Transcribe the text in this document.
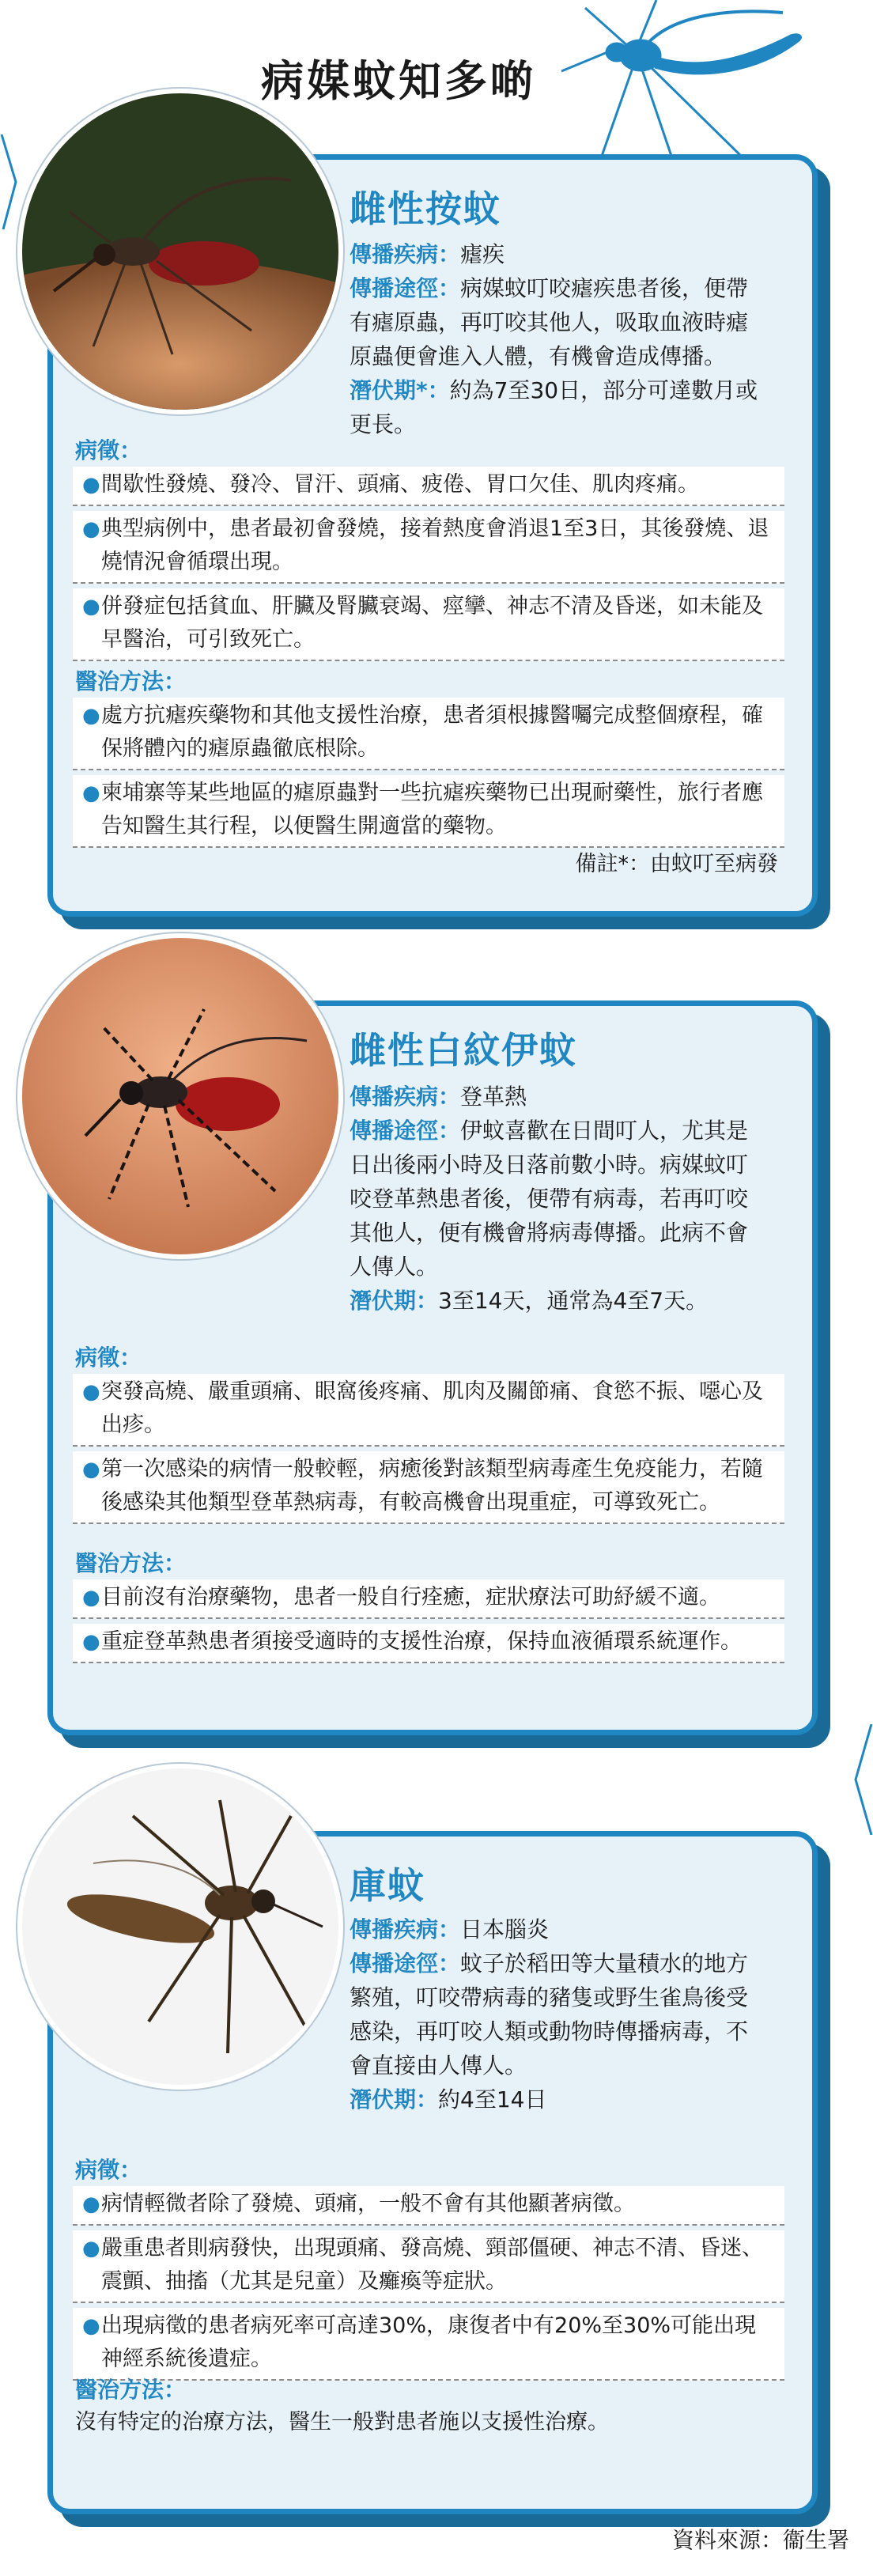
病媒蚊知多啲
雌性按蚊
傳播疾病：瘧疾
傳播途徑：病媒蚊叮咬瘧疾患者後，便帶有瘧原蟲，再叮咬其他人，吸取血液時瘧原蟲便會進入人體，有機會造成傳播。
潛伏期*：約為7至30日，部分可達數月或更長。
病徵：
● 間歇性發燒、發冷、冒汗、頭痛、疲倦、胃口欠佳、肌肉疼痛。
● 典型病例中，患者最初會發燒，接着熱度會消退1至3日，其後發燒、退燒情況會循環出現。
● 併發症包括貧血、肝臟及腎臟衰竭、痙攣、神志不清及昏迷，如未能及早醫治，可引致死亡。
醫治方法：
● 處方抗瘧疾藥物和其他支援性治療，患者須根據醫囑完成整個療程，確保將體內的瘧原蟲徹底根除。
● 柬埔寨等某些地區的瘧原蟲對一些抗瘧疾藥物已出現耐藥性，旅行者應告知醫生其行程，以便醫生開適當的藥物。
備註*：由蚊叮至病發
雌性白紋伊蚊
傳播疾病：登革熱
傳播途徑：伊蚊喜歡在日間叮人，尤其是日出後兩小時及日落前數小時。病媒蚊叮咬登革熱患者後，便帶有病毒，若再叮咬其他人，便有機會將病毒傳播。此病不會人傳人。
潛伏期：3至14天，通常為4至7天。
病徵：
● 突發高燒、嚴重頭痛、眼窩後疼痛、肌肉及關節痛、食慾不振、噁心及出疹。
● 第一次感染的病情一般較輕，病癒後對該類型病毒產生免疫能力，若隨後感染其他類型登革熱病毒，有較高機會出現重症，可導致死亡。
醫治方法：
● 目前沒有治療藥物，患者一般自行痊癒，症狀療法可助紓緩不適。
● 重症登革熱患者須接受適時的支援性治療，保持血液循環系統運作。
庫蚊
傳播疾病：日本腦炎
傳播途徑：蚊子於稻田等大量積水的地方繁殖，叮咬帶病毒的豬隻或野生雀鳥後受感染，再叮咬人類或動物時傳播病毒，不會直接由人傳人。
潛伏期：約4至14日
病徵：
● 病情輕微者除了發燒、頭痛，一般不會有其他顯著病徵。
● 嚴重患者則病發快，出現頭痛、發高燒、頸部僵硬、神志不清、昏迷、震顫、抽搐（尤其是兒童）及癱瘓等症狀。
● 出現病徵的患者病死率可高達30%，康復者中有20%至30%可能出現神經系統後遺症。
醫治方法：
沒有特定的治療方法，醫生一般對患者施以支援性治療。
資料來源：衞生署
